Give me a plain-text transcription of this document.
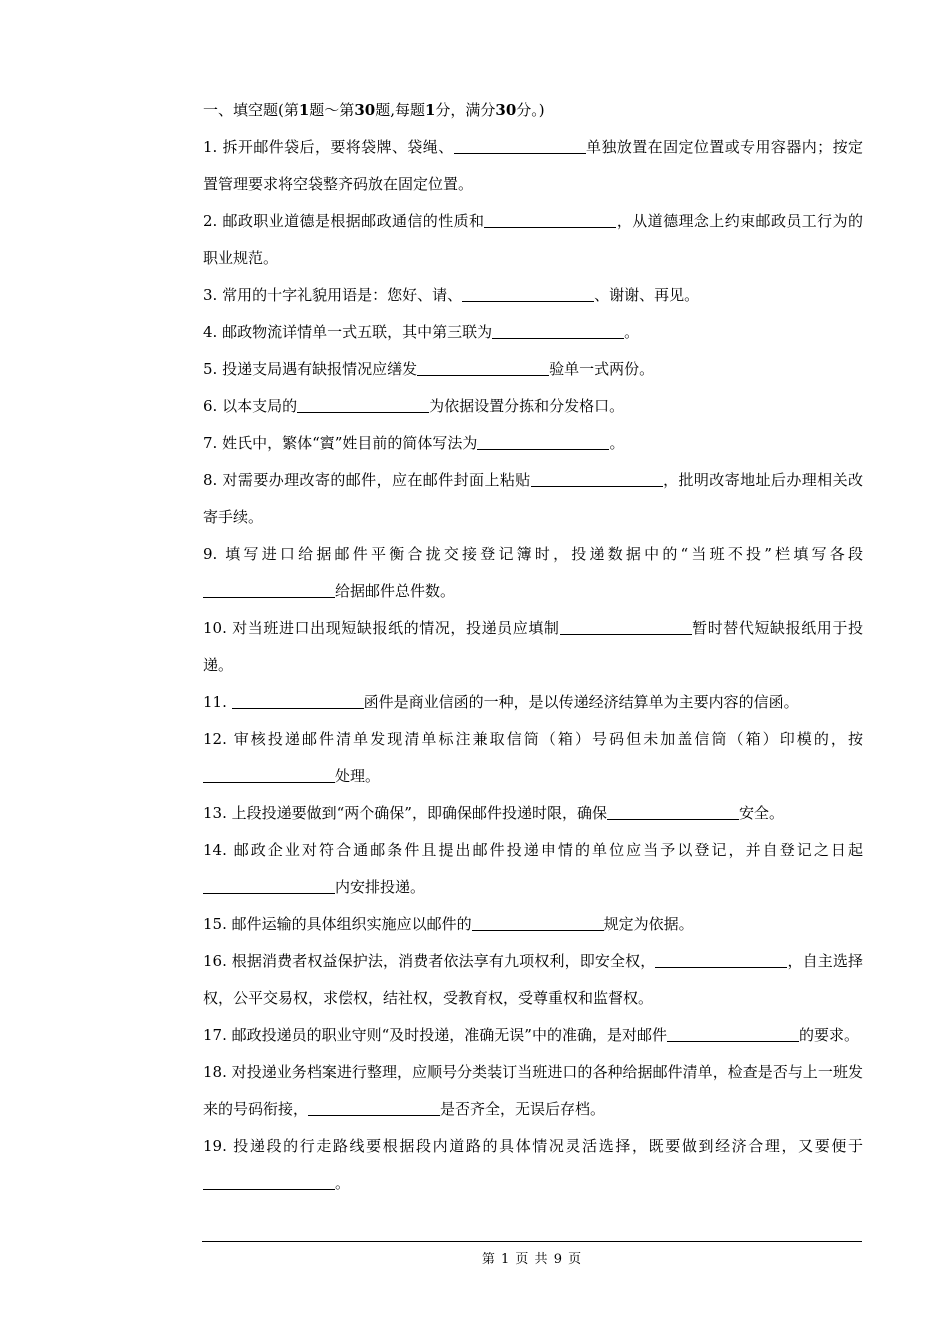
一、填空题(第1题～第30题,每题1分，满分30分。)

1. 拆开邮件袋后，要将袋牌、袋绳、	单独放置在固定位置或专用容器内；按定置管理要求将空袋整齐码放在固定位置。

2. 邮政职业道德是根据邮政通信的性质和	，从道德理念上约束邮政员工行为的职业规范。

3. 常用的十字礼貌用语是：您好、请、	、谢谢、再见。

4. 邮政物流详情单一式五联，其中第三联为	。

5. 投递支局遇有缺报情况应缮发	验单一式两份。

6. 以本支局的	为依据设置分拣和分发格口。

7. 姓氏中，繁体“賨”姓目前的简体写法为	。

8. 对需要办理改寄的邮件，应在邮件封面上粘贴	，批明改寄地址后办理相关改寄手续。

9. 填写进口给据邮件平衡合拢交接登记簿时，投递数据中的“当班不投”栏填写各段给据邮件总件数。

10. 对当班进口出现短缺报纸的情况，投递员应填制	暂时替代短缺报纸用于投递。

11.	函件是商业信函的一种，是以传递经济结算单为主要内容的信函。

12. 审核投递邮件清单发现清单标注兼取信筒（箱）号码但未加盖信筒（箱）印模的，按处理。

13. 上段投递要做到“两个确保”，即确保邮件投递时限，确保	安全。

14. 邮政企业对符合通邮条件且提出邮件投递申情的单位应当予以登记，并自登记之日起内安排投递。

15. 邮件运输的具体组织实施应以邮件的	规定为依据。

16. 根据消费者权益保护法，消费者依法享有九项权利，即安全权，	，自主选择权，公平交易权，求偿权，结社权，受教育权，受尊重权和监督权。

17. 邮政投递员的职业守则“及时投递，准确无误”中的准确，是对邮件	的要求。

18. 对投递业务档案进行整理，应顺号分类装订当班进口的各种给据邮件清单，检查是否与上一班发来的号码衔接，	是否齐全，无误后存档。

19. 投递段的行走路线要根据段内道路的具体情况灵活选择，既要做到经济合理，又要便于。

第 1 页 共 9 页
